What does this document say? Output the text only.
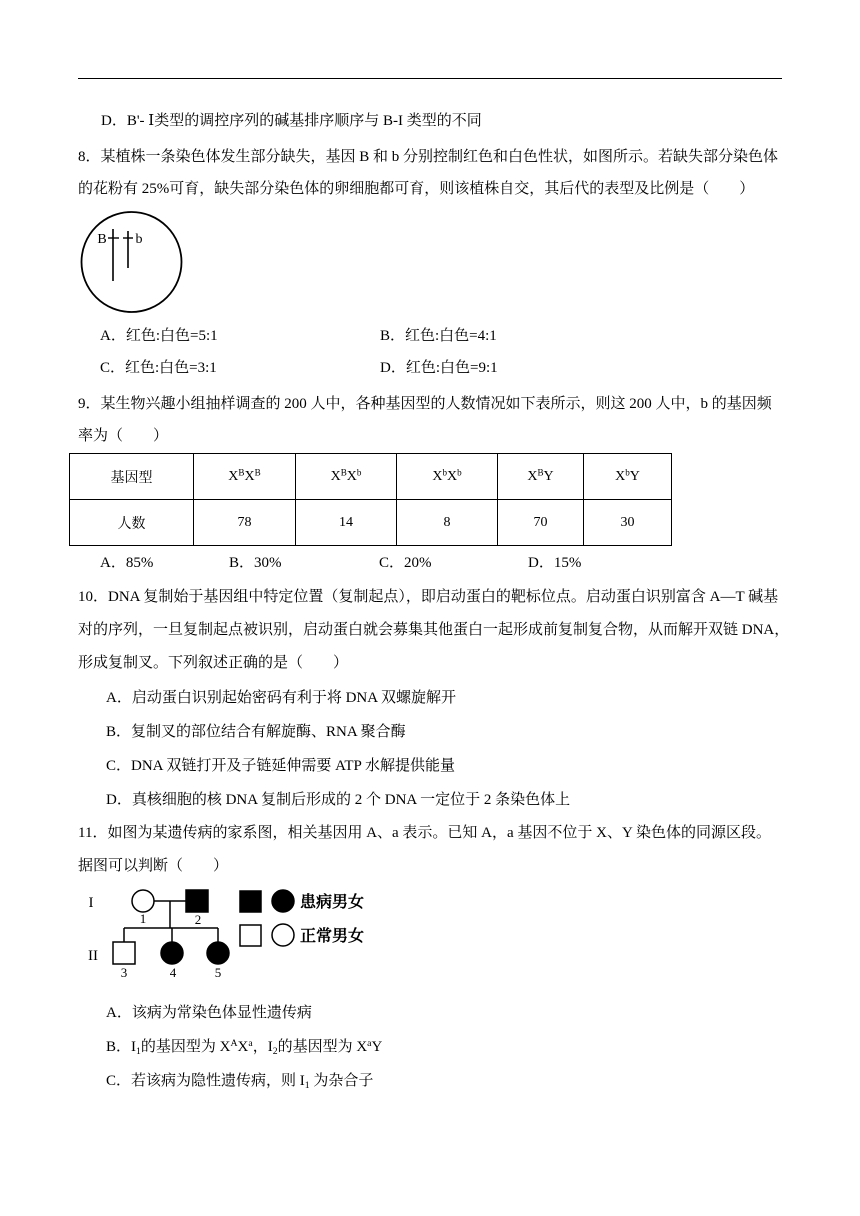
D．B'- Ⅰ类型的调控序列的碱基排序顺序与 B-I 类型的不同
8．某植株一条染色体发生部分缺失，基因 B 和 b 分别控制红色和白色性状，如图所示。若缺失部分染色体
的花粉有 25%可育，缺失部分染色体的卵细胞都可育，则该植株自交，其后代的表型及比例是（　　）
B b
A．红色:白色=5:1	B．红色:白色=4:1
C．红色:白色=3:1	D．红色:白色=9:1
9．某生物兴趣小组抽样调查的 200 人中，各种基因型的人数情况如下表所示，则这 200 人中，b 的基因频
率为（　　）
基因型	$X^BX^B$	$X^BX^b$	$X^bX^b$	$X^BY$	$X^bY$
人数	78	14	8	70	30
A．85%	B．30%	C．20%	D．15%
10．DNA 复制始于基因组中特定位置（复制起点），即启动蛋白的靶标位点。启动蛋白识别富含 A—T 碱基
对的序列，一旦复制起点被识别，启动蛋白就会募集其他蛋白一起形成前复制复合物，从而解开双链 DNA，
形成复制叉。下列叙述正确的是（　　）
A．启动蛋白识别起始密码有利于将 DNA 双螺旋解开
B．复制叉的部位结合有解旋酶、RNA 聚合酶
C．DNA 双链打开及子链延伸需要 ATP 水解提供能量
D．真核细胞的核 DNA 复制后形成的 2 个 DNA 一定位于 2 条染色体上
11．如图为某遗传病的家系图，相关基因用 A、a 表示。已知 A，a 基因不位于 X、Y 染色体的同源区段。
据图可以判断（　　）
I
II
1	2
3	4	5
患病男女
正常男女
A．该病为常染色体显性遗传病
B．$I_1$的基因型为 $X^AX^a$，$I_2$的基因型为 $X^aY$
C．若该病为隐性遗传病，则 $I_1$ 为杂合子
